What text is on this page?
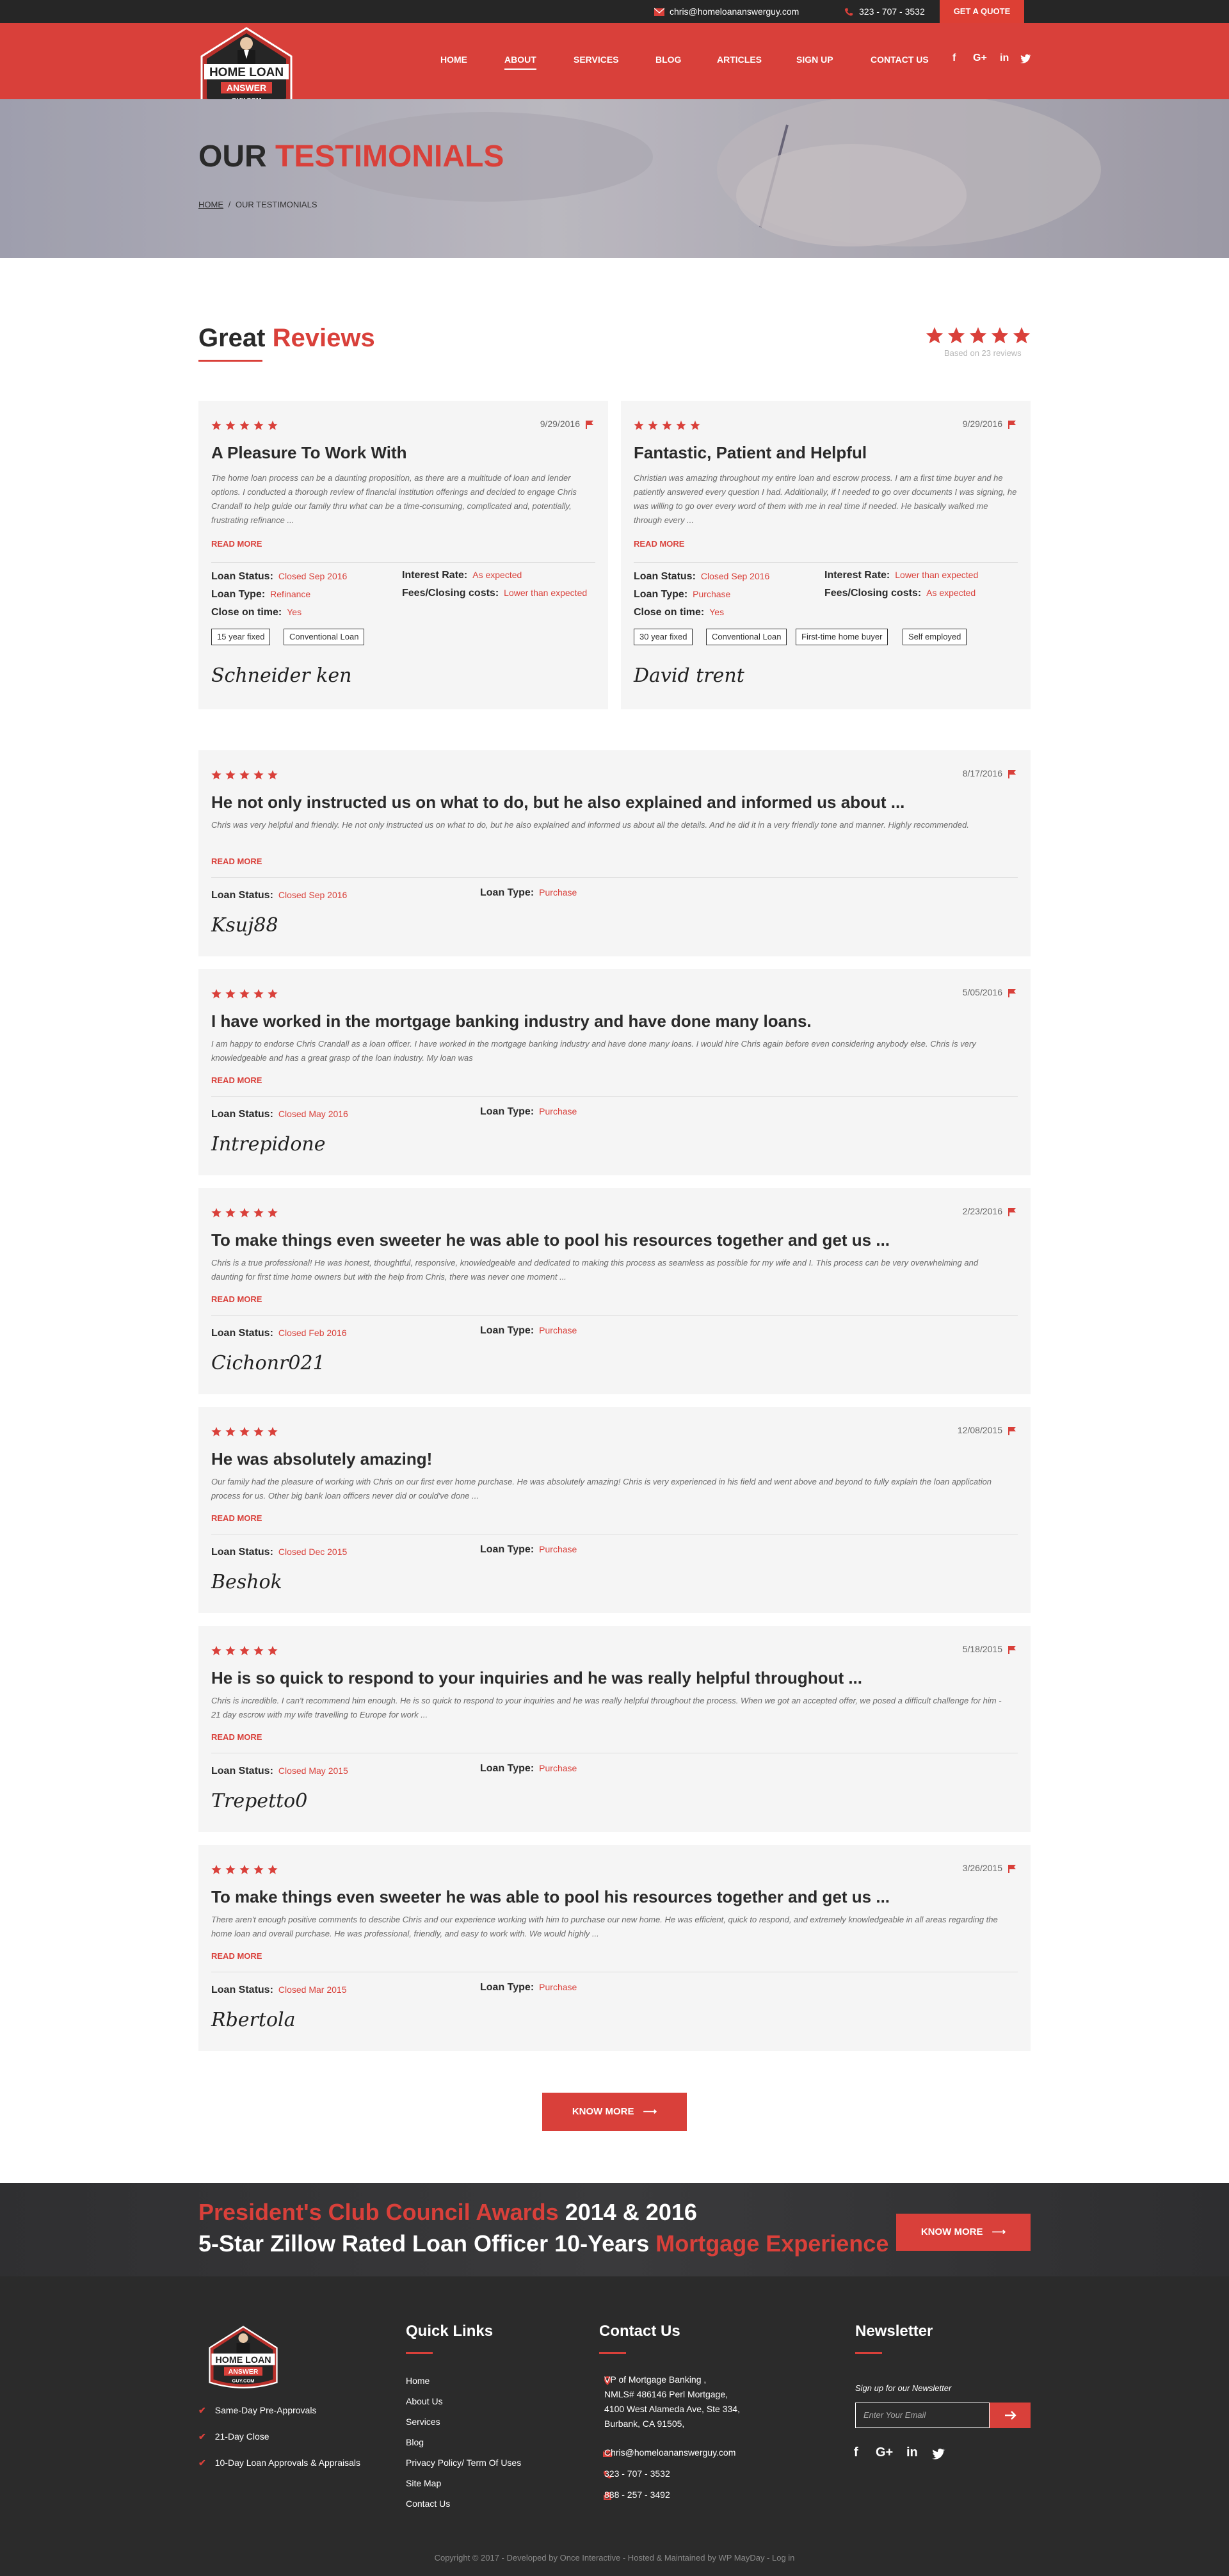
chris@homeloananswerguy.com	323 - 707 - 3532	GET A QUOTE
HOME LOAN
ANSWER
HOME	ABOUT	SERVICES	BLOG	ARTICLES	SIGN UP	CONTACT US f G+ in
OUR TESTIMONIALS
HOME / OUR TESTIMONIALS
Great Reviews
Based on 23 reviews
9/29/2016
A Pleasure To Work With
The home loan process can be a daunting proposition, as there are a multitude of loan and lender options. I conducted a thorough review of financial institution offerings and decided to engage Chris Crandall to help guide our family thru what can be a time-consuming, complicated and, potentially, frustrating refinance ...
READ MORE
Loan Status: Closed Sep 2016
Loan Type: Refinance
Close on time: Yes
Interest Rate: As expected
Fees/Closing costs: Lower than expected
15 year fixed	Conventional Loan
Schneider ken
9/29/2016
Fantastic, Patient and Helpful
Christian was amazing throughout my entire loan and escrow process. I am a first time buyer and he patiently answered every question I had. Additionally, if I needed to go over documents I was signing, he was willing to go over every word of them with me in real time if needed. He basically walked me through every ...
READ MORE
Loan Status: Closed Sep 2016
Loan Type: Purchase
Close on time: Yes
Interest Rate: Lower than expected
Fees/Closing costs: As expected
30 year fixed	Conventional Loan	First-time home buyer	Self employed
David trent
8/17/2016
He not only instructed us on what to do, but he also explained and informed us about ...
Chris was very helpful and friendly. He not only instructed us on what to do, but he also explained and informed us about all the details. And he did it in a very friendly tone and manner. Highly recommended.
READ MORE
Loan Status: Closed Sep 2016	Loan Type: Purchase
Ksuj88
5/05/2016
I have worked in the mortgage banking industry and have done many loans.
I am happy to endorse Chris Crandall as a loan officer. I have worked in the mortgage banking industry and have done many loans. I would hire Chris again before even considering anybody else. Chris is very knowledgeable and has a great grasp of the loan industry. My loan was
READ MORE
Loan Status: Closed May 2016	Loan Type: Purchase
Intrepidone
2/23/2016
To make things even sweeter he was able to pool his resources together and get us ...
Chris is a true professional! He was honest, thoughtful, responsive, knowledgeable and dedicated to making this process as seamless as possible for my wife and I. This process can be very overwhelming and daunting for first time home owners but with the help from Chris, there was never one moment ...
READ MORE
Loan Status: Closed Feb 2016	Loan Type: Purchase
Cichonr021
12/08/2015
He was absolutely amazing!
Our family had the pleasure of working with Chris on our first ever home purchase. He was absolutely amazing! Chris is very experienced in his field and went above and beyond to fully explain the loan application process for us. Other big bank loan officers never did or could've done ...
READ MORE
Loan Status: Closed Dec 2015	Loan Type: Purchase
Beshok
5/18/2015
He is so quick to respond to your inquiries and he was really helpful throughout ...
Chris is incredible. I can't recommend him enough. He is so quick to respond to your inquiries and he was really helpful throughout the process. When we got an accepted offer, we posed a difficult challenge for him - 21 day escrow with my wife travelling to Europe for work ...
READ MORE
Loan Status: Closed May 2015	Loan Type: Purchase
Trepetto0
3/26/2015
To make things even sweeter he was able to pool his resources together and get us ...
There aren't enough positive comments to describe Chris and our experience working with him to purchase our new home. He was efficient, quick to respond, and extremely knowledgeable in all areas regarding the home loan and overall purchase. He was professional, friendly, and easy to work with. We would highly ...
READ MORE
Loan Status: Closed Mar 2015	Loan Type: Purchase
Rbertola
KNOW MORE ⟶
President's Club Council Awards 2014 & 2016
5-Star Zillow Rated Loan Officer 10-Years Mortgage Experience	KNOW MORE ⟶
HOME LOAN
ANSWER
GUY.COM
✔ Same-Day Pre-Approvals
✔ 21-Day Close
✔ 10-Day Loan Approvals & Appraisals
Quick Links
Home
About Us
Services
Blog
Privacy Policy/ Term Of Uses
Site Map
Contact Us
Contact Us
VP of Mortgage Banking ,
NMLS# 486146 Perl Mortgage,
4100 West Alameda Ave, Ste 334,
Burbank, CA 91505,
Chris@homeloananswerguy.com
323 - 707 - 3532
888 - 257 - 3492
Newsletter
Sign up for our Newsletter
Enter Your Email
f G+ in
Copyright © 2017 - Developed by Once Interactive - Hosted & Maintained by WP MayDay - Log in
